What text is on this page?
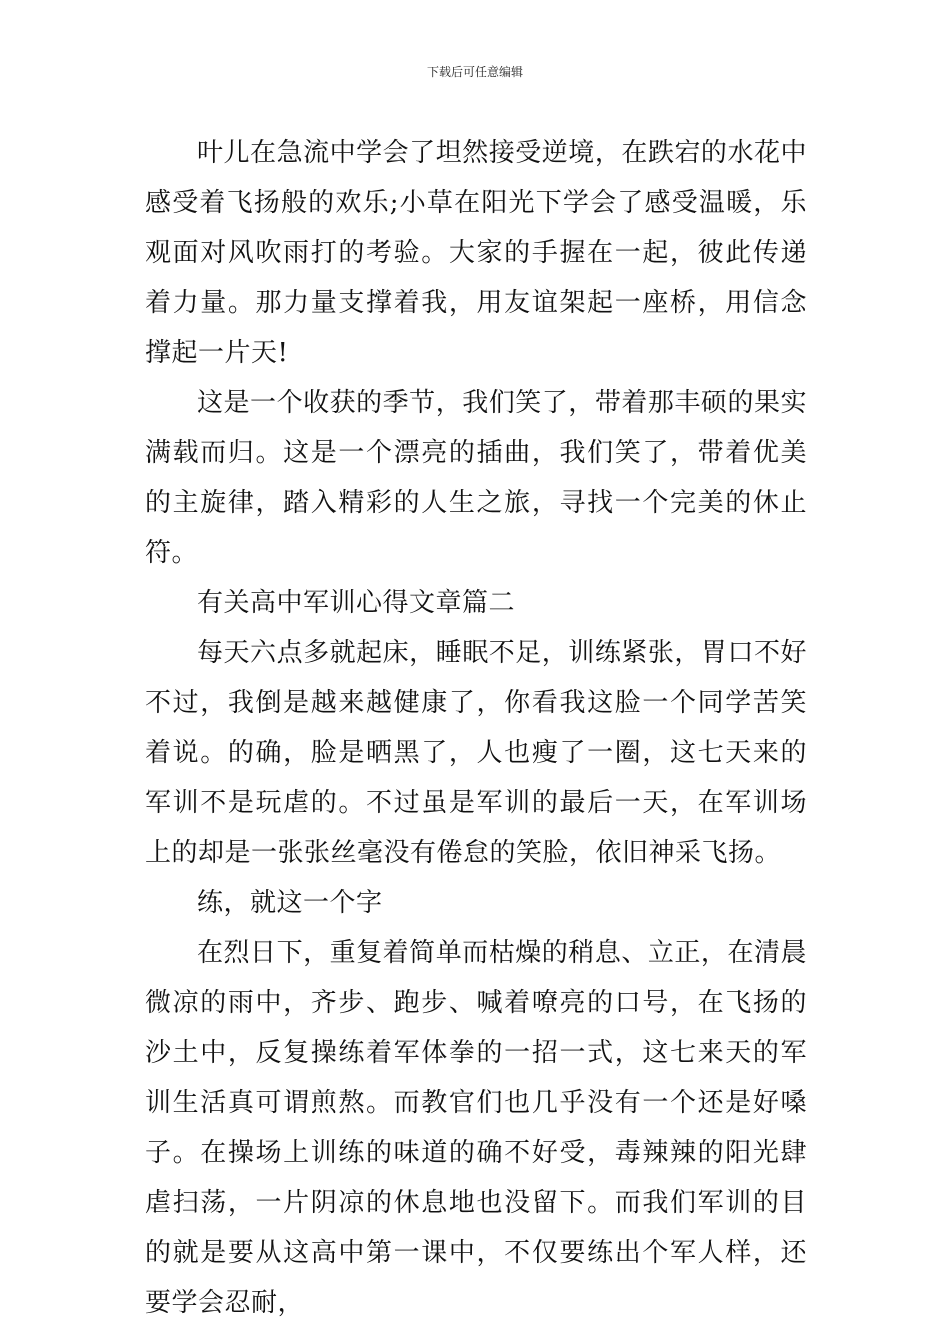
下载后可任意编辑

叶儿在急流中学会了坦然接受逆境，在跌宕的水花中感受着飞扬般的欢乐;小草在阳光下学会了感受温暖，乐观面对风吹雨打的考验。大家的手握在一起，彼此传递着力量。那力量支撑着我，用友谊架起一座桥，用信念撑起一片天!

这是一个收获的季节，我们笑了，带着那丰硕的果实满载而归。这是一个漂亮的插曲，我们笑了，带着优美的主旋律，踏入精彩的人生之旅，寻找一个完美的休止符。

有关高中军训心得文章篇二

每天六点多就起床，睡眠不足，训练紧张，胃口不好不过，我倒是越来越健康了，你看我这脸一个同学苦笑着说。的确，脸是晒黑了，人也瘦了一圈，这七天来的军训不是玩虐的。不过虽是军训的最后一天，在军训场上的却是一张张丝毫没有倦怠的笑脸，依旧神采飞扬。

练，就这一个字

在烈日下，重复着简单而枯燥的稍息、立正，在清晨微凉的雨中，齐步、跑步、喊着嘹亮的口号，在飞扬的沙土中，反复操练着军体拳的一招一式，这七来天的军训生活真可谓煎熬。而教官们也几乎没有一个还是好嗓子。在操场上训练的味道的确不好受，毒辣辣的阳光肆虐扫荡，一片阴凉的休息地也没留下。而我们军训的目的就是要从这高中第一课中，不仅要练出个军人样，还要学会忍耐，
